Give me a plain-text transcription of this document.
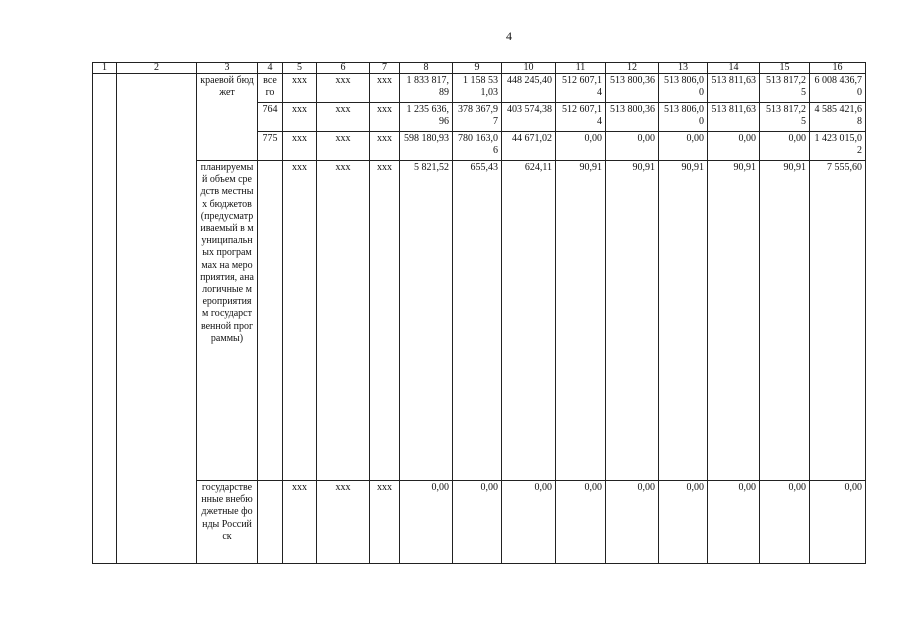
4
1	2	3	4	5	6	7	8	9	10	11	12	13	14	15	16
		краевой бюджет	все го	ххх	ххх	ххх	1 833 817,89	1 158 531,03	448 245,40	512 607,14	513 800,36	513 806,00	513 811,63	513 817,25	6 008 436,70
			764	ххх	ххх	ххх	1 235 636,96	378 367,97	403 574,38	512 607,14	513 800,36	513 806,00	513 811,63	513 817,25	4 585 421,68
			775	ххх	ххх	ххх	598 180,93	780 163,06	44 671,02	0,00	0,00	0,00	0,00	0,00	1 423 015,02
		планируемый объем средств местных бюджетов (предусматриваемый в муниципальных программах на мероприятия, аналогичные мероприятиям государственной программы)		ххх	ххх	ххх	5 821,52	655,43	624,11	90,91	90,91	90,91	90,91	90,91	7 555,60
		государственные внебюджетные фонды Российск		ххх	ххх	ххх	0,00	0,00	0,00	0,00	0,00	0,00	0,00	0,00	0,00
